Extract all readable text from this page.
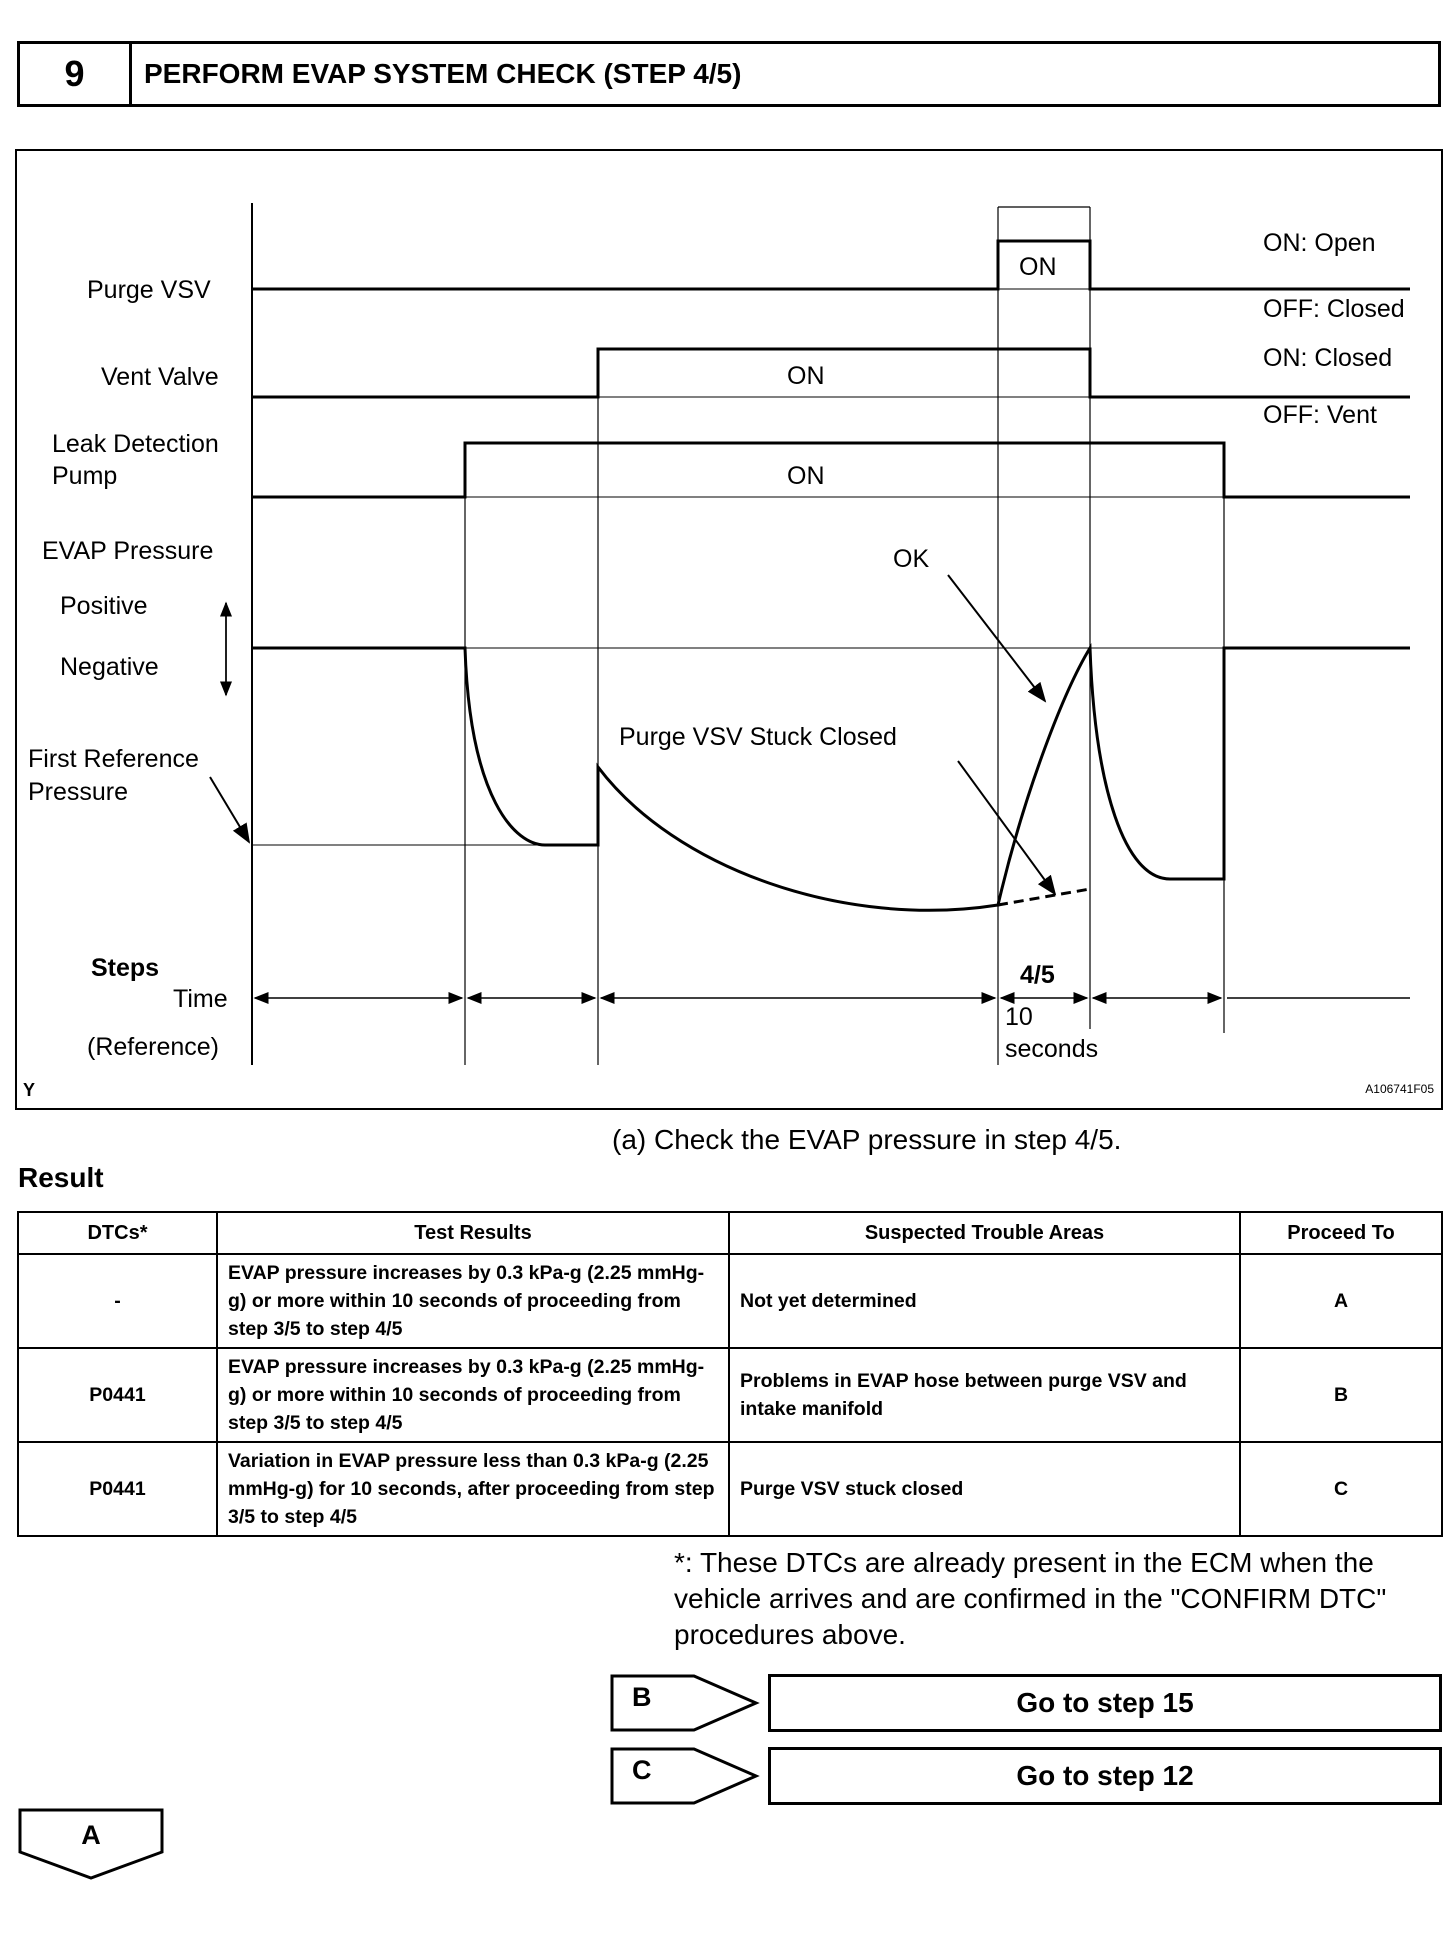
9	PERFORM EVAP SYSTEM CHECK (STEP 4/5)
Purge VSV
Vent Valve
Leak Detection
Pump
EVAP Pressure
Positive
Negative
First Reference
Pressure
ON
ON
ON
ON: Open
OFF: Closed
ON: Closed
OFF: Vent
OK
Purge VSV Stuck Closed
Steps
Time
(Reference)
4/5
10
seconds
Y	A106741F05
(a) Check the EVAP pressure in step 4/5.
Result
DTCs*	Test Results	Suspected Trouble Areas	Proceed To
-	EVAP pressure increases by 0.3 kPa-g (2.25 mmHg-g) or more within 10 seconds of proceeding from step 3/5 to step 4/5	Not yet determined	A
P0441	EVAP pressure increases by 0.3 kPa-g (2.25 mmHg-g) or more within 10 seconds of proceeding from step 3/5 to step 4/5	Problems in EVAP hose between purge VSV and intake manifold	B
P0441	Variation in EVAP pressure less than 0.3 kPa-g (2.25 mmHg-g) for 10 seconds, after proceeding from step 3/5 to step 4/5	Purge VSV stuck closed	C
*: These DTCs are already present in the ECM when the vehicle arrives and are confirmed in the "CONFIRM DTC" procedures above.
B	Go to step 15
C	Go to step 12
A
